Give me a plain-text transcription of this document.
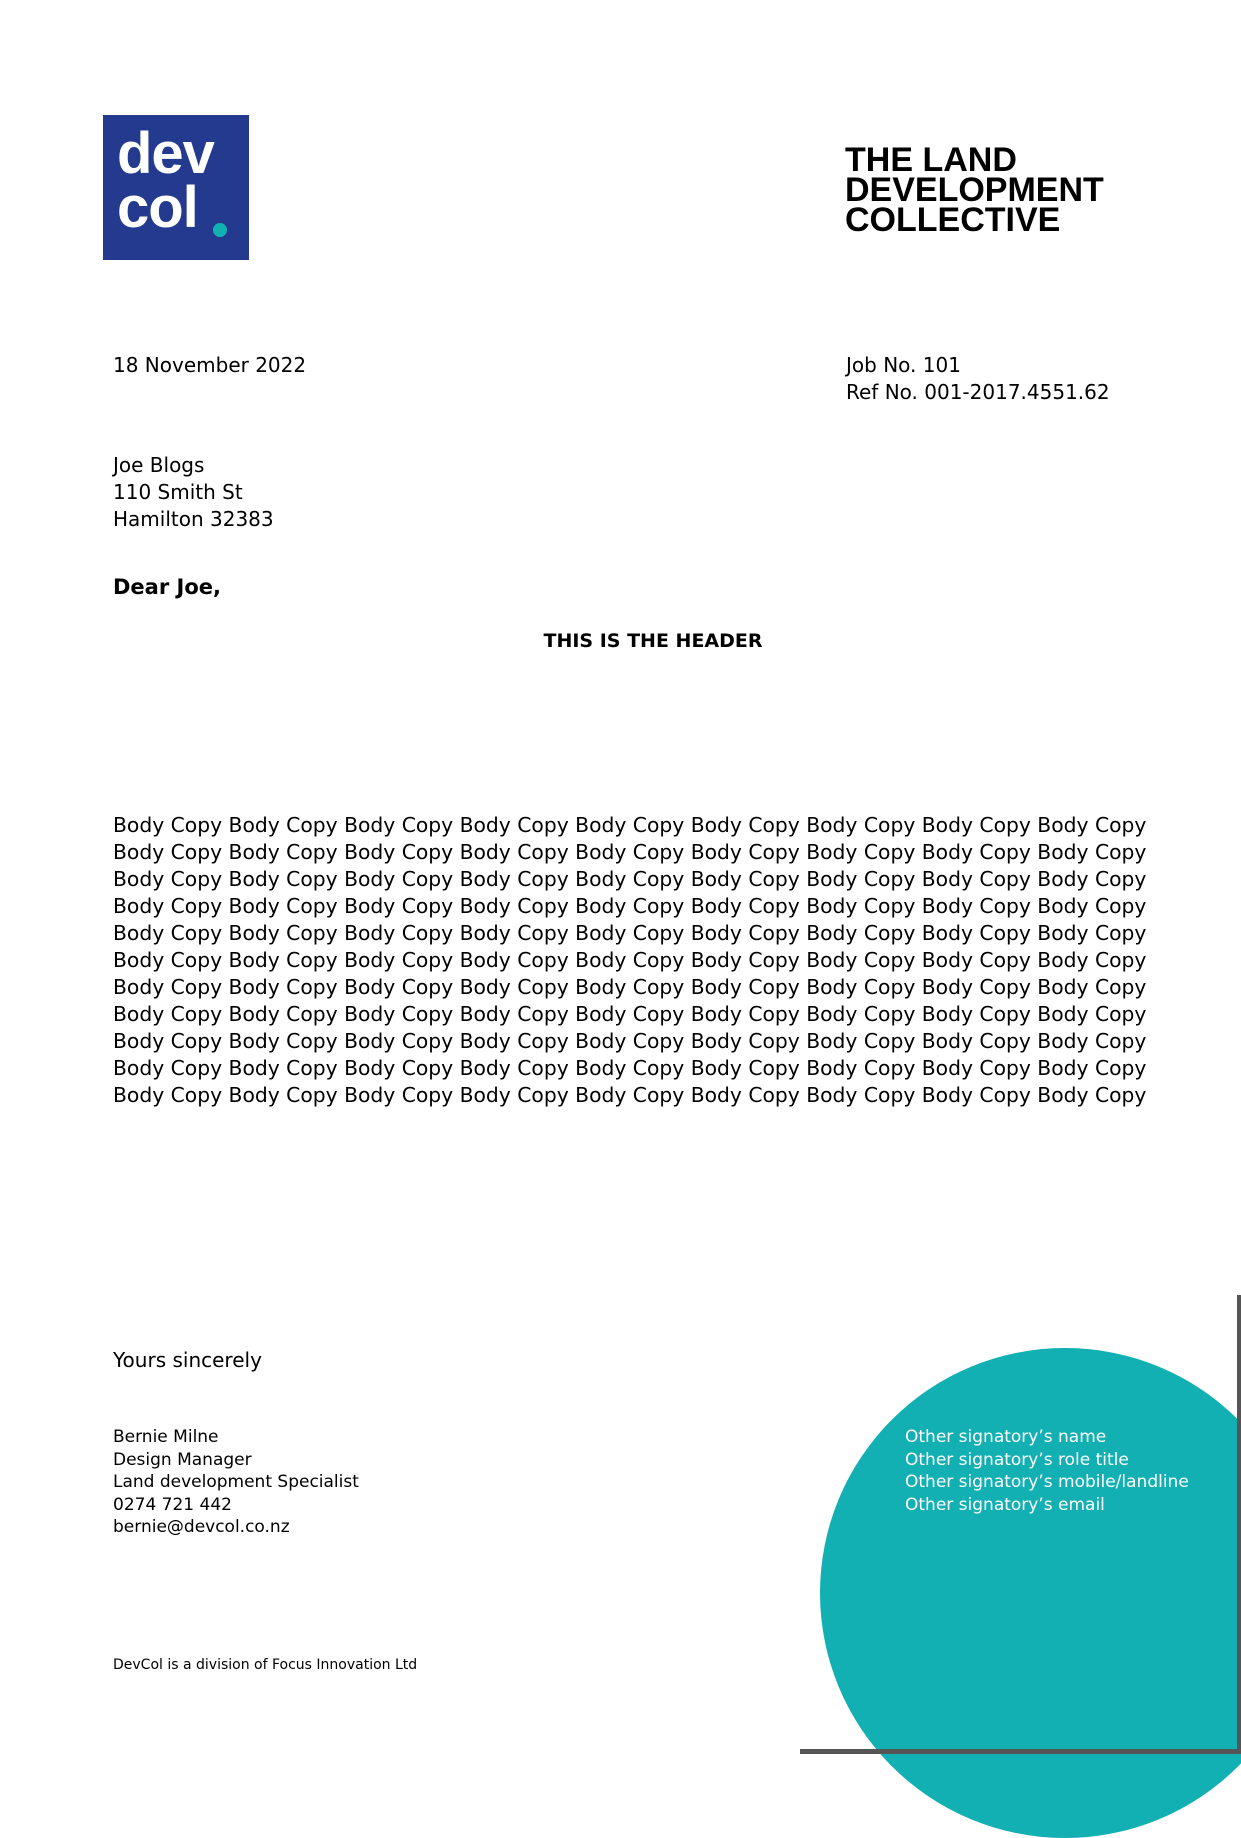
dev
col
THE LAND
DEVELOPMENT
COLLECTIVE
18 November 2022	Job No. 101
Ref No. 001-2017.4551.62
Joe Blogs
110 Smith St
Hamilton 32383
Dear Joe,
THIS IS THE HEADER
Body Copy Body Copy Body Copy Body Copy Body Copy Body Copy Body Copy Body Copy Body Copy
Body Copy Body Copy Body Copy Body Copy Body Copy Body Copy Body Copy Body Copy Body Copy
Body Copy Body Copy Body Copy Body Copy Body Copy Body Copy Body Copy Body Copy Body Copy
Body Copy Body Copy Body Copy Body Copy Body Copy Body Copy Body Copy Body Copy Body Copy
Body Copy Body Copy Body Copy Body Copy Body Copy Body Copy Body Copy Body Copy Body Copy
Body Copy Body Copy Body Copy Body Copy Body Copy Body Copy Body Copy Body Copy Body Copy
Body Copy Body Copy Body Copy Body Copy Body Copy Body Copy Body Copy Body Copy Body Copy
Body Copy Body Copy Body Copy Body Copy Body Copy Body Copy Body Copy Body Copy Body Copy
Body Copy Body Copy Body Copy Body Copy Body Copy Body Copy Body Copy Body Copy Body Copy
Body Copy Body Copy Body Copy Body Copy Body Copy Body Copy Body Copy Body Copy Body Copy
Body Copy Body Copy Body Copy Body Copy Body Copy Body Copy Body Copy Body Copy Body Copy
Yours sincerely
Bernie Milne
Design Manager
Land development Specialist
0274 721 442
bernie@devcol.co.nz
DevCol is a division of Focus Innovation Ltd
Other signatory’s name
Other signatory’s role title
Other signatory’s mobile/landline
Other signatory’s email
